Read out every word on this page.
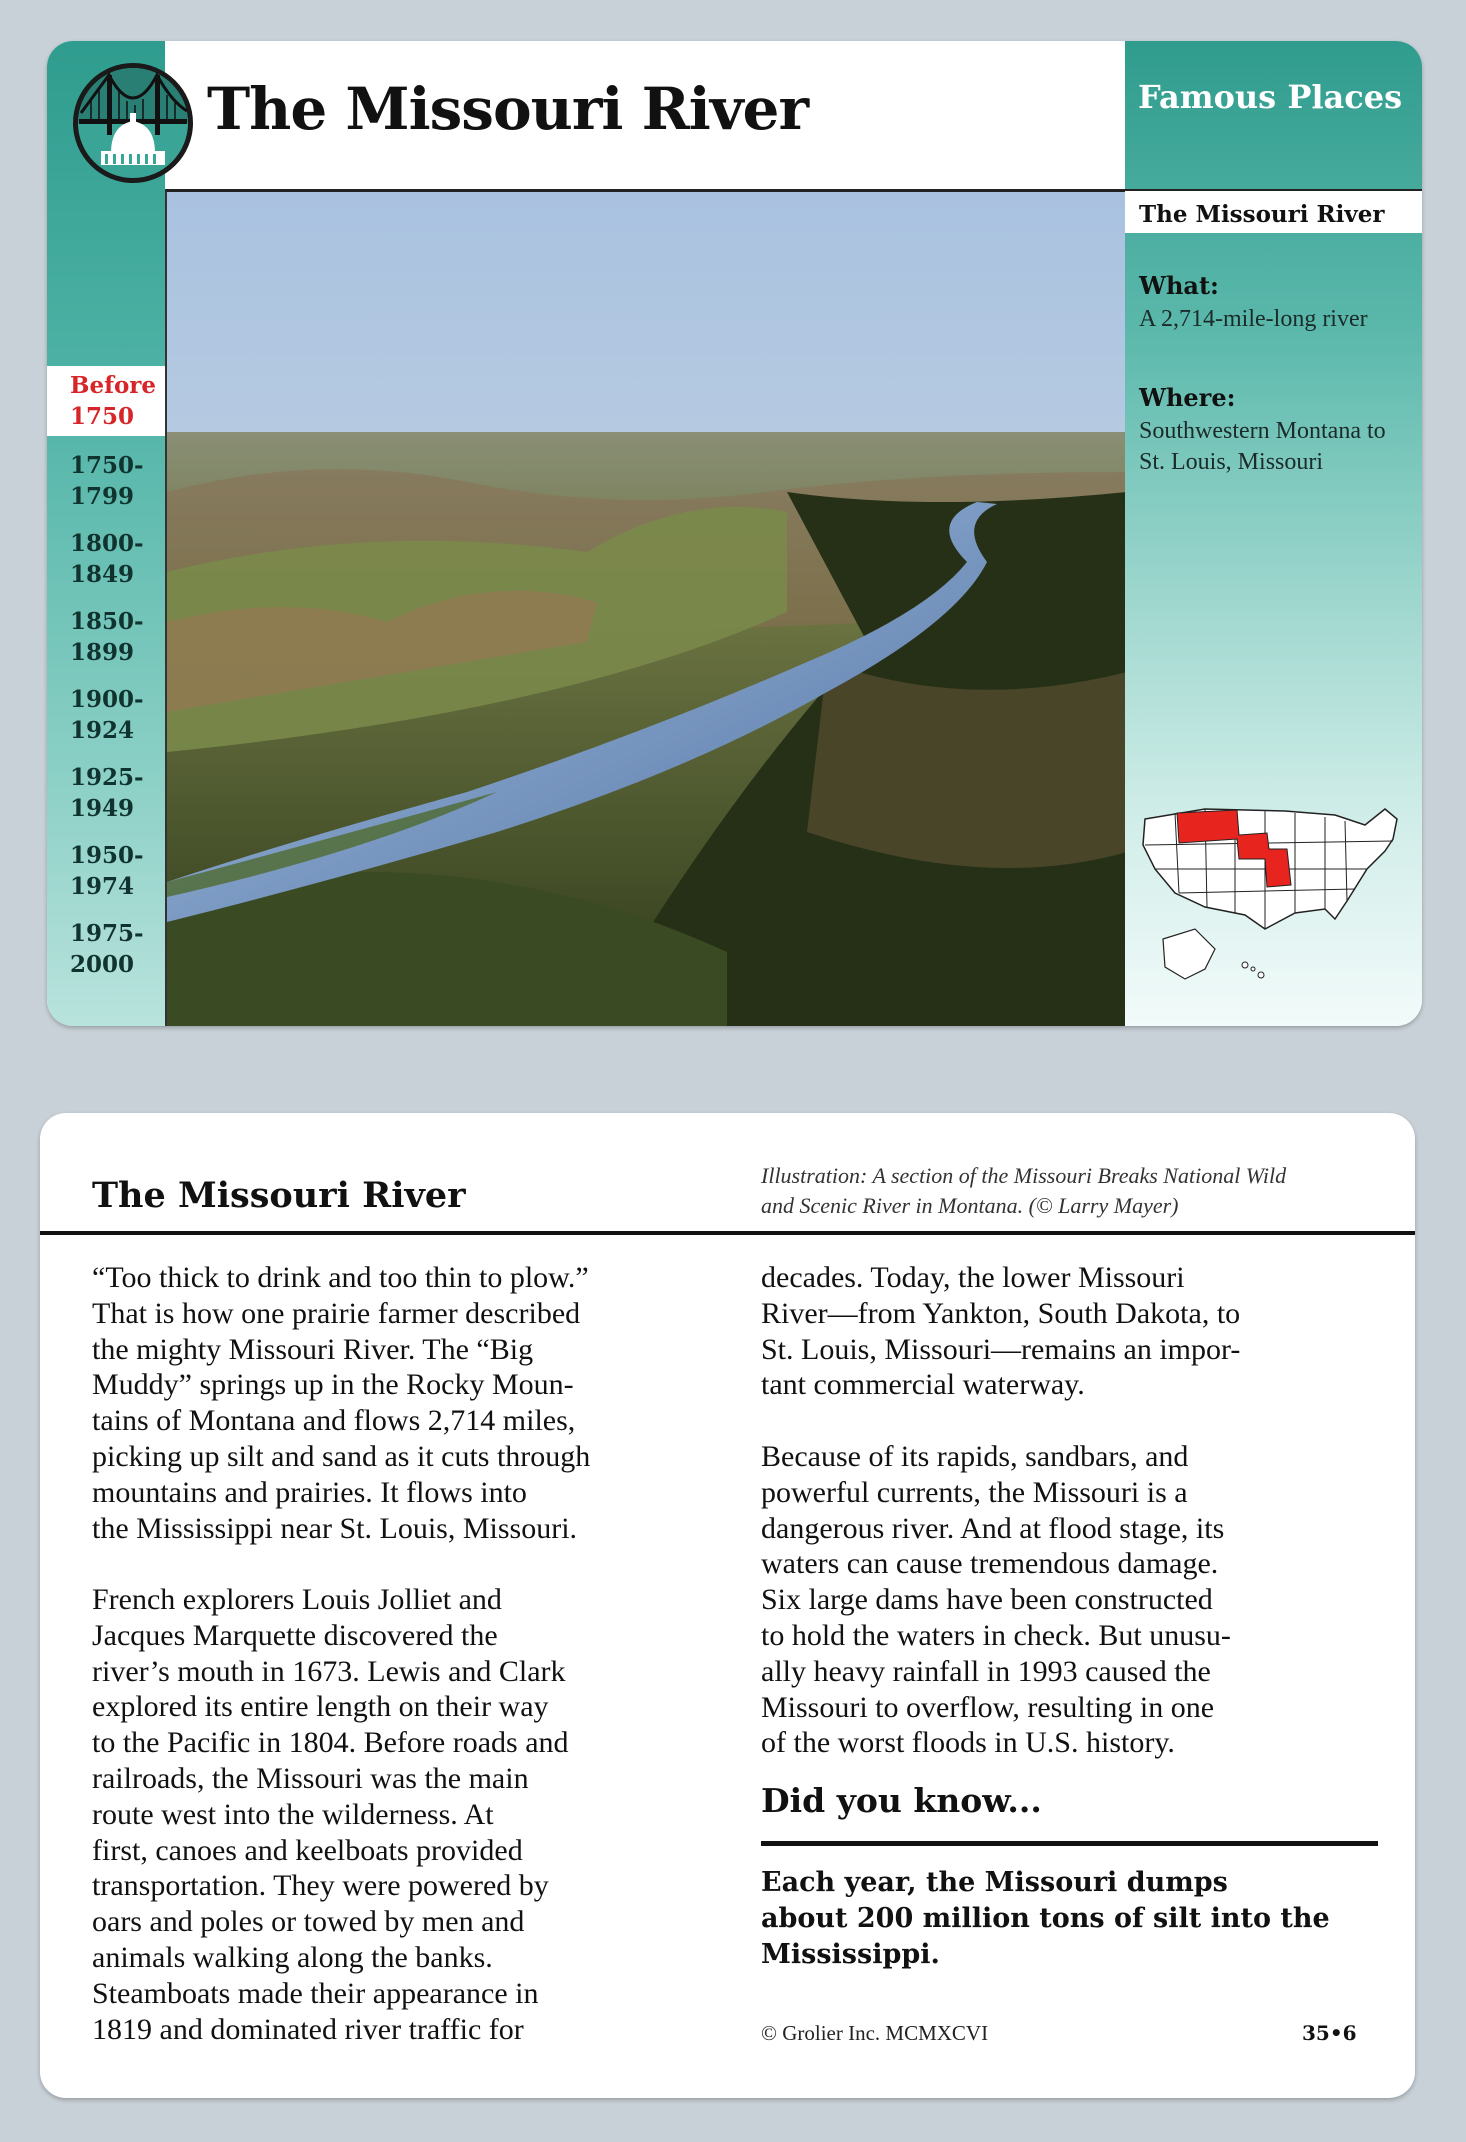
The Missouri River
Before
1750
1750-
1799
1800-
1849
1850-
1899
1900-
1924
1925-
1949
1950-
1974
1975-
2000
Famous Places
The Missouri River
What:
A 2,714-mile-long river
Where:
Southwestern Montana to St. Louis, Missouri
The Missouri River	Illustration: A section of the Missouri Breaks National Wild and Scenic River in Montana. (© Larry Mayer)

“Too thick to drink and too thin to plow.”
That is how one prairie farmer described
the mighty Missouri River. The “Big
Muddy” springs up in the Rocky Moun-
tains of Montana and flows 2,714 miles,
picking up silt and sand as it cuts through
mountains and prairies. It flows into
the Mississippi near St. Louis, Missouri.

French explorers Louis Jolliet and
Jacques Marquette discovered the
river’s mouth in 1673. Lewis and Clark
explored its entire length on their way
to the Pacific in 1804. Before roads and
railroads, the Missouri was the main
route west into the wilderness. At
first, canoes and keelboats provided
transportation. They were powered by
oars and poles or towed by men and
animals walking along the banks.
Steamboats made their appearance in
1819 and dominated river traffic for

decades. Today, the lower Missouri
River—from Yankton, South Dakota, to
St. Louis, Missouri—remains an impor-
tant commercial waterway.

Because of its rapids, sandbars, and
powerful currents, the Missouri is a
dangerous river. And at flood stage, its
waters can cause tremendous damage.
Six large dams have been constructed
to hold the waters in check. But unusu-
ally heavy rainfall in 1993 caused the
Missouri to overflow, resulting in one
of the worst floods in U.S. history.

Did you know...

Each year, the Missouri dumps
about 200 million tons of silt into the
Mississippi.

© Grolier Inc. MCMXCVI	35•6
